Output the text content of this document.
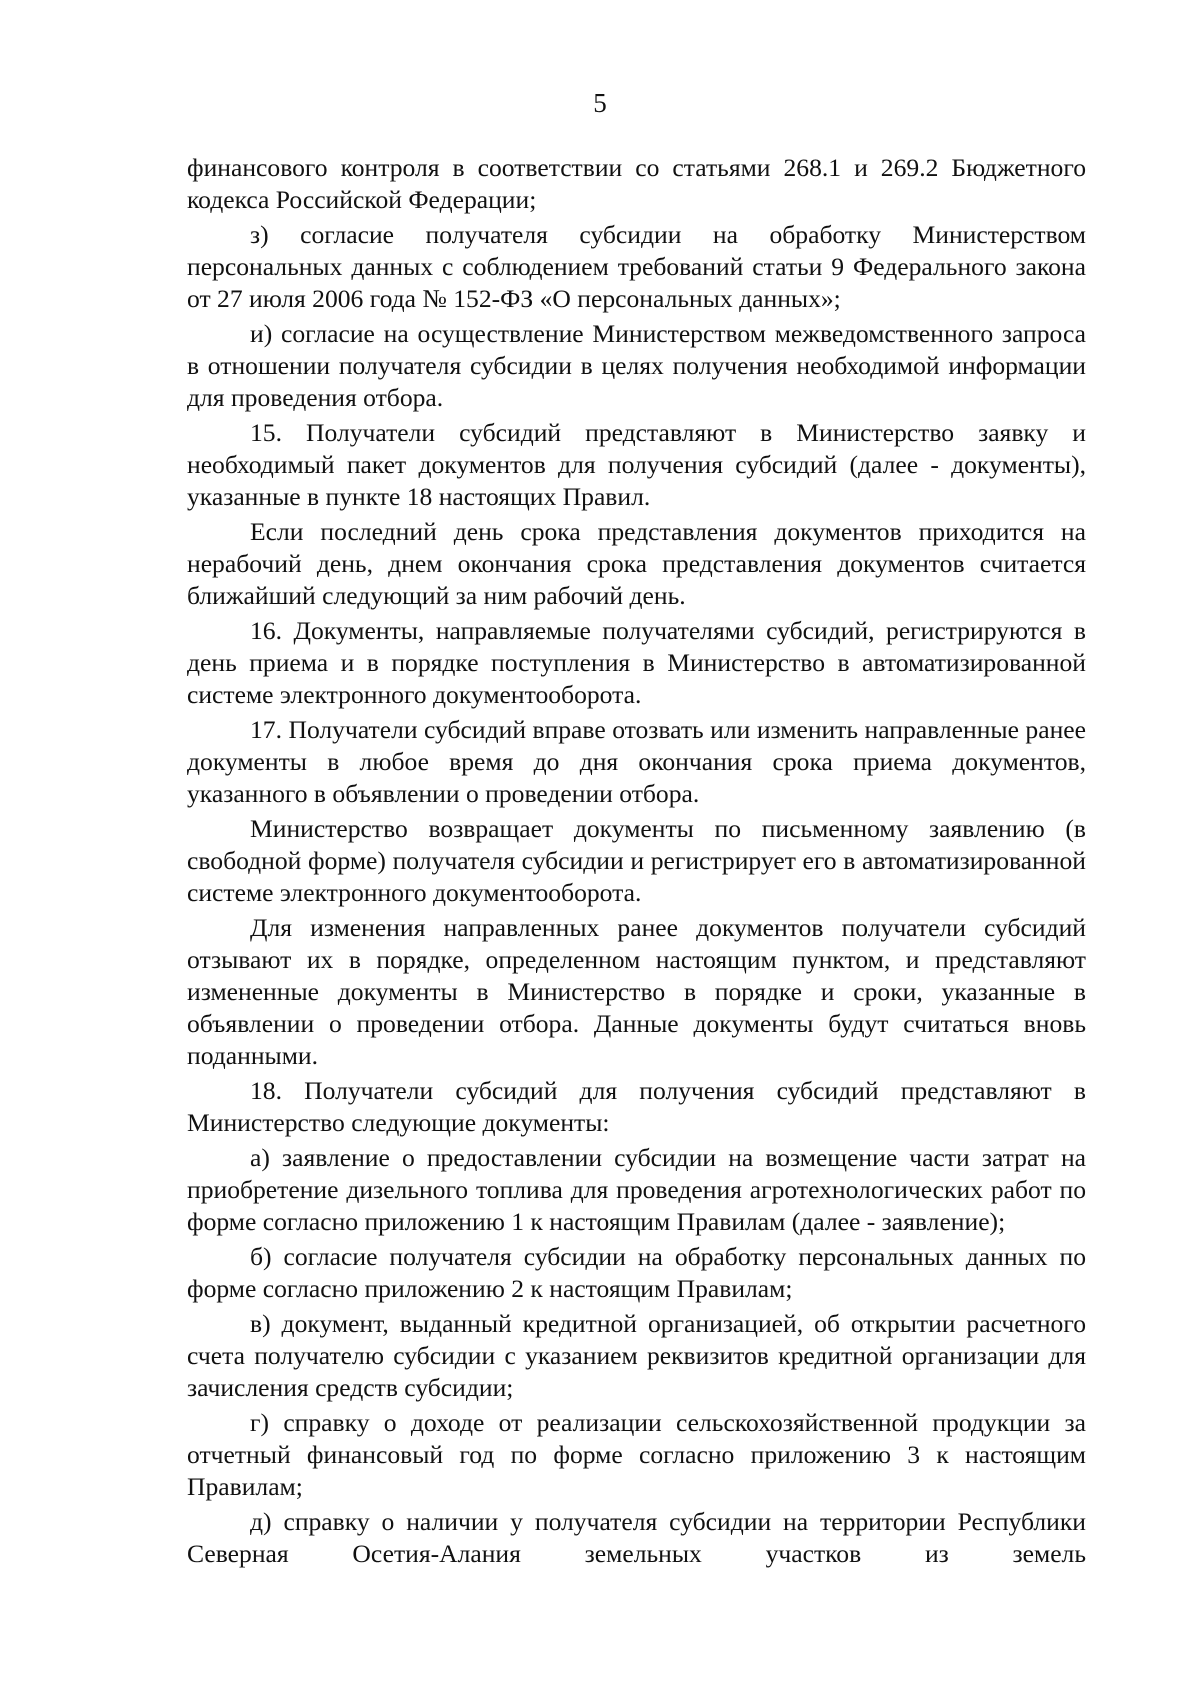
5

финансового контроля в соответствии со статьями 268.1 и 269.2 Бюджетного кодекса Российской Федерации;

з) согласие получателя субсидии на обработку Министерством персональных данных с соблюдением требований статьи 9 Федерального закона от 27 июля 2006 года № 152-ФЗ «О персональных данных»;

и) согласие на осуществление Министерством межведомственного запроса в отношении получателя субсидии в целях получения необходимой информации для проведения отбора.

15. Получатели субсидий представляют в Министерство заявку и необходимый пакет документов для получения субсидий (далее - документы), указанные в пункте 18 настоящих Правил.

Если последний день срока представления документов приходится на нерабочий день, днем окончания срока представления документов считается ближайший следующий за ним рабочий день.

16. Документы, направляемые получателями субсидий, регистрируются в день приема и в порядке поступления в Министерство в автоматизированной системе электронного документооборота.

17. Получатели субсидий вправе отозвать или изменить направленные ранее документы в любое время до дня окончания срока приема документов, указанного в объявлении о проведении отбора.

Министерство возвращает документы по письменному заявлению (в свободной форме) получателя субсидии и регистрирует его в автоматизированной системе электронного документооборота.

Для изменения направленных ранее документов получатели субсидий отзывают их в порядке, определенном настоящим пунктом, и представляют измененные документы в Министерство в порядке и сроки, указанные в объявлении о проведении отбора. Данные документы будут считаться вновь поданными.

18. Получатели субсидий для получения субсидий представляют в Министерство следующие документы:

а) заявление о предоставлении субсидии на возмещение части затрат на приобретение дизельного топлива для проведения агротехнологических работ по форме согласно приложению 1 к настоящим Правилам (далее - заявление);

б) согласие получателя субсидии на обработку персональных данных по форме согласно приложению 2 к настоящим Правилам;

в) документ, выданный кредитной организацией, об открытии расчетного счета получателю субсидии с указанием реквизитов кредитной организации для зачисления средств субсидии;

г) справку о доходе от реализации сельскохозяйственной продукции за отчетный финансовый год по форме согласно приложению 3 к настоящим Правилам;

д) справку о наличии у получателя субсидии на территории Республики Северная Осетия-Алания земельных участков из земель
